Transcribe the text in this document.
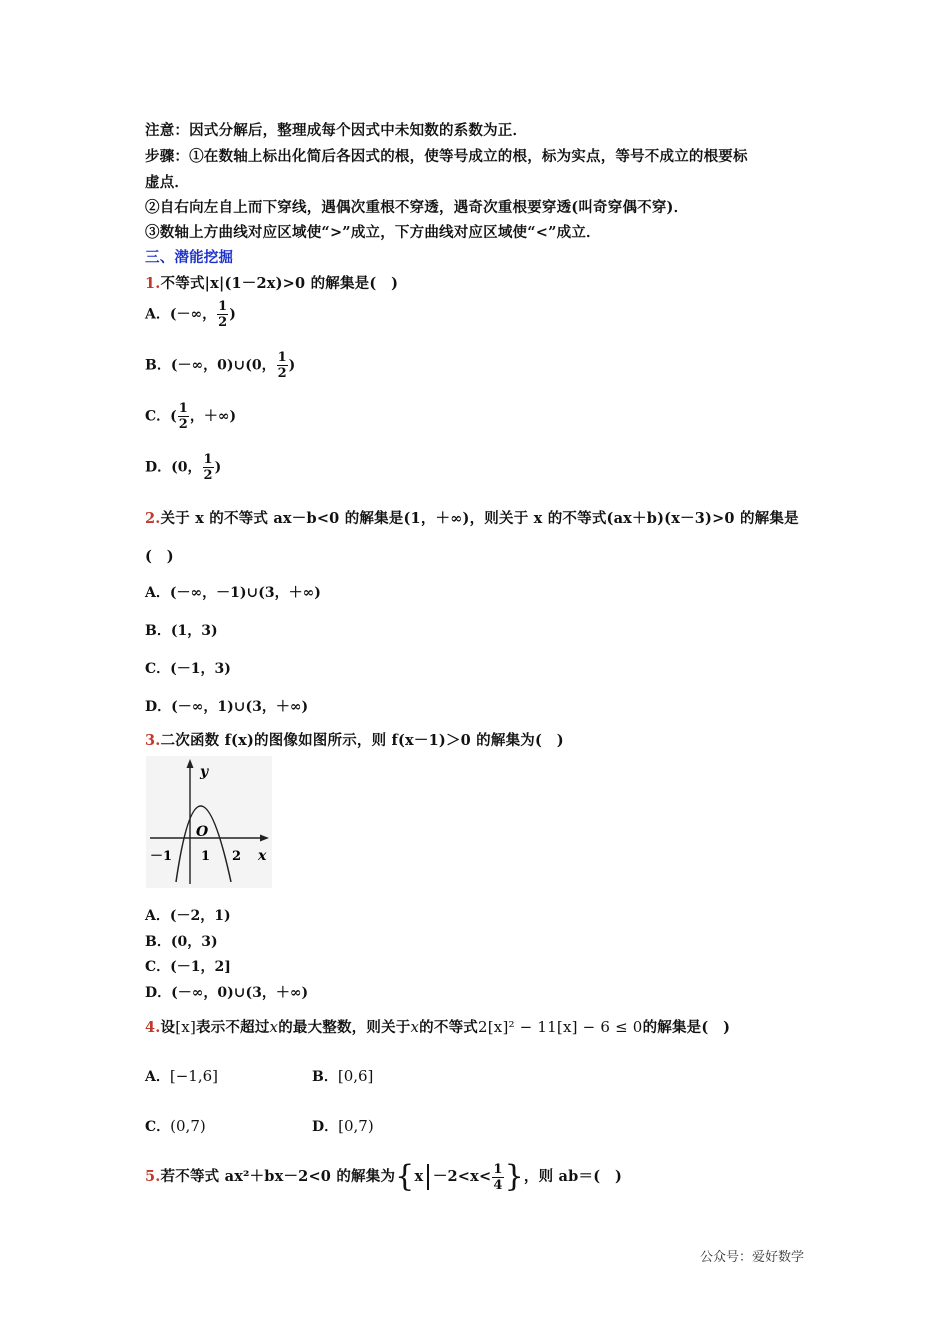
注意：因式分解后，整理成每个因式中未知数的系数为正．
步骤：①在数轴上标出化简后各因式的根，使等号成立的根，标为实点，等号不成立的根要标
虚点．
②自右向左自上而下穿线，遇偶次重根不穿透，遇奇次重根要穿透(叫奇穿偶不穿)．
③数轴上方曲线对应区域使“>”成立，下方曲线对应区域使“<”成立．
三、潜能挖掘
1.不等式|x|(1－2x)>0 的解集是(　)
A．(－∞， $\frac{1}{2}$ )
B．(－∞，0)∪(0， $\frac{1}{2}$ )
C．( $\frac{1}{2}$ ，＋∞)
D．(0， $\frac{1}{2}$ )
2.关于 x 的不等式 ax－b<0 的解集是(1，＋∞)，则关于 x 的不等式(ax＋b)(x－3)>0 的解集是
(　)
A．(－∞，－1)∪(3，＋∞)
B．(1，3)
C．(－1，3)
D．(－∞，1)∪(3，＋∞)
3.二次函数 f(x)的图像如图所示，则 f(x－1)＞0 的解集为(　)
y
x
O
－1 1 2
A．(－2，1)
B．(0，3)
C．(－1，2]
D．(－∞，0)∪(3，＋∞)
4.设[x]表示不超过x的最大整数，则关于x的不等式2[x]² − 11[x] − 6 ≤ 0的解集是(　)
A．[−1,6]	B．[0,6]
C．(0,7)	D．[0,7)
5.若不等式 ax²＋bx－2<0 的解集为{$x -2<x< \frac{1}{4}$ }，则 ab＝(　)
公众号：爱好数学
